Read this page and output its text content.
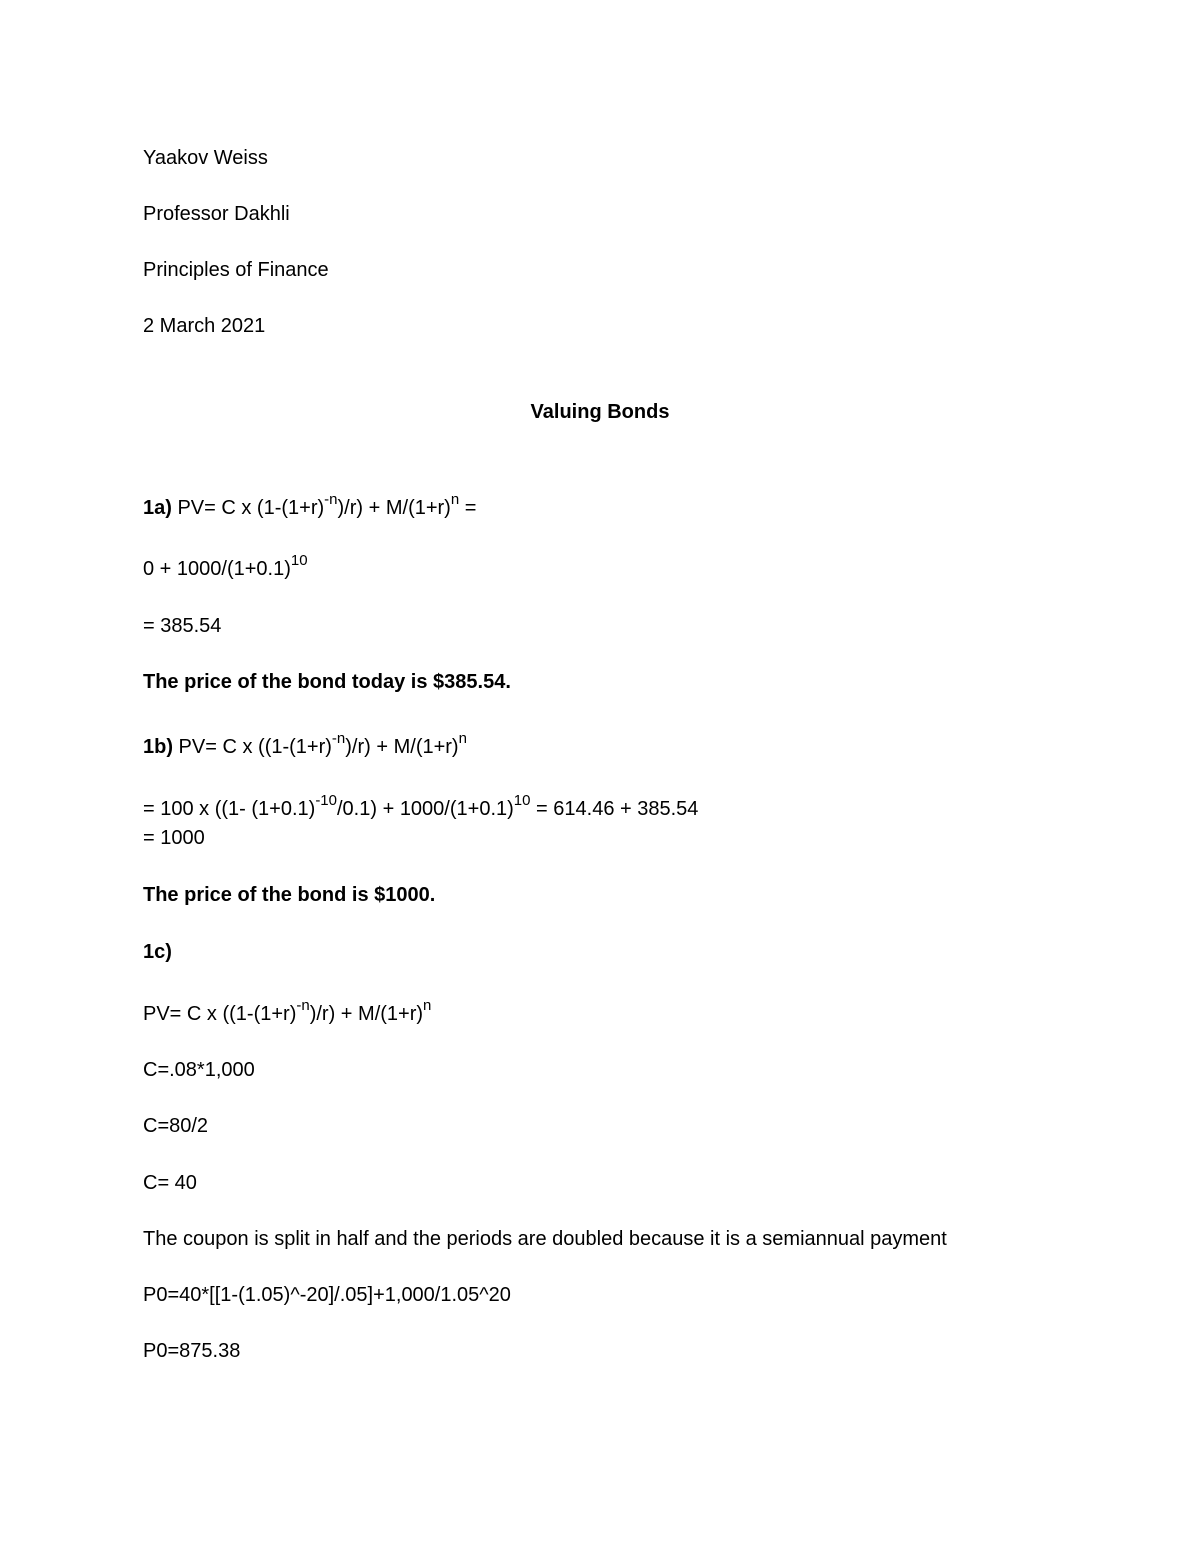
Yaakov Weiss
Professor Dakhli
Principles of Finance
2 March 2021
Valuing Bonds
1a) PV= C x $(1-(1+r)^{-n})/r) + M/(1+r)^n$ =
$0 + 1000/(1+0.1)^{10}$
= 385.54
The price of the bond today is $385.54.
1b) PV= C x $((1-(1+r)^{-n})/r) + M/(1+r)^n$
= 100 x ((1- $(1+0.1)^{-10}/0.1) + 1000/(1+0.1)^{10} = 614.46 + 385.54$
= 1000
The price of the bond is $1000.
1c)
PV= C x $((1-(1+r)^{-n})/r) + M/(1+r)^n$
C=.08*1,000
C=80/2
C= 40
The coupon is split in half and the periods are doubled because it is a semiannual payment
P0=40*[[1-(1.05)^-20]/.05]+1,000/1.05^20
P0=875.38
